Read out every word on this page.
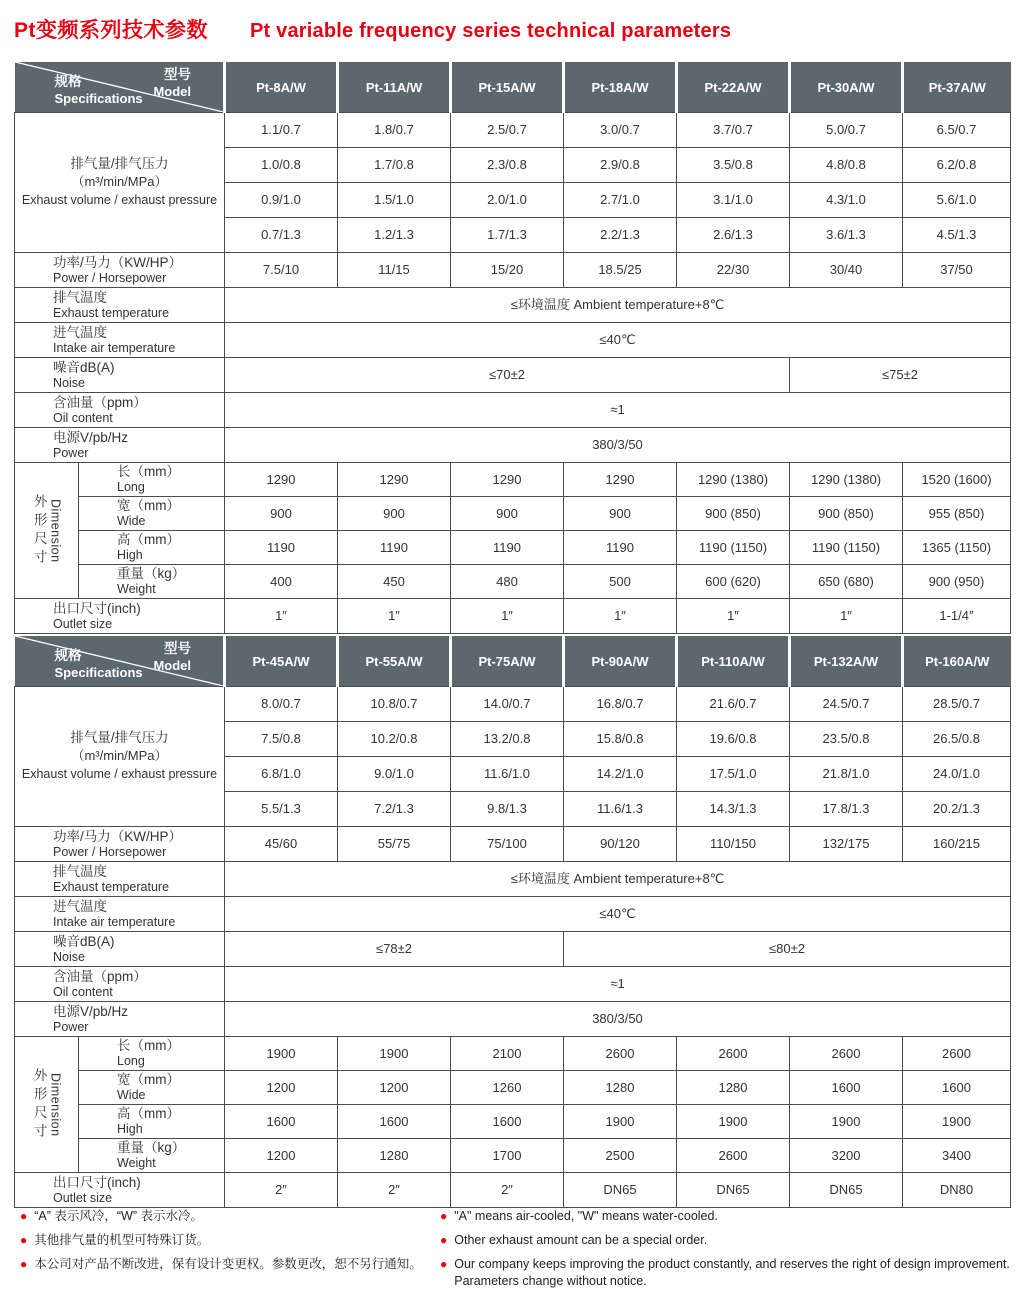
Pt变频系列技术参数 Pt variable frequency series technical parameters
型号
Model
规格
Specifications		Pt-8A/W	Pt-11A/W	Pt-15A/W	Pt-18A/W	Pt-22A/W	Pt-30A/W	Pt-37A/W

排气量/排气压力
（m³/min/MPa）
Exhaust volume / exhaust pressure		1.1/0.7	1.8/0.7	2.5/0.7	3.0/0.7	3.7/0.7	5.0/0.7	6.5/0.7
		1.0/0.8	1.7/0.8	2.3/0.8	2.9/0.8	3.5/0.8	4.8/0.8	6.2/0.8
		0.9/1.0	1.5/1.0	2.0/1.0	2.7/1.0	3.1/1.0	4.3/1.0	5.6/1.0
		0.7/1.3	1.2/1.3	1.7/1.3	2.2/1.3	2.6/1.3	3.6/1.3	4.5/1.3

功率/马力（KW/HP）
Power / Horsepower		7.5/10	11/15	15/20	18.5/25	22/30	30/40	37/50

排气温度
Exhaust temperature		≤环境温度 Ambient temperature+8℃						

进气温度
Intake air temperature		≤40℃						

噪音dB(A)
Noise		≤70±2					≤75±2	

含油量（ppm）
Oil content		≈1						

电源V/pb/Hz
Power		380/3/50						

外形尺寸 Dimension	长（mm）
Long	1290	1290	1290	1290	1290 (1380)	1290 (1380)	1520 (1600)

	宽（mm）
Wide	900	900	900	900	900 (850)	900 (850)	955 (850)

	高（mm）
High	1190	1190	1190	1190	1190 (1150)	1190 (1150)	1365 (1150)

	重量（kg）
Weight	400	450	480	500	600 (620)	650 (680)	900 (950)

出口尺寸(inch)
Outlet size		1″	1″	1″	1″	1″	1″	1-1/4″
型号
Model
规格
Specifications		Pt-45A/W	Pt-55A/W	Pt-75A/W	Pt-90A/W	Pt-110A/W	Pt-132A/W	Pt-160A/W

排气量/排气压力
（m³/min/MPa）
Exhaust volume / exhaust pressure		8.0/0.7	10.8/0.7	14.0/0.7	16.8/0.7	21.6/0.7	24.5/0.7	28.5/0.7
		7.5/0.8	10.2/0.8	13.2/0.8	15.8/0.8	19.6/0.8	23.5/0.8	26.5/0.8
		6.8/1.0	9.0/1.0	11.6/1.0	14.2/1.0	17.5/1.0	21.8/1.0	24.0/1.0
		5.5/1.3	7.2/1.3	9.8/1.3	11.6/1.3	14.3/1.3	17.8/1.3	20.2/1.3

功率/马力（KW/HP）
Power / Horsepower		45/60	55/75	75/100	90/120	110/150	132/175	160/215

排气温度
Exhaust temperature		≤环境温度 Ambient temperature+8℃						

进气温度
Intake air temperature		≤40℃						

噪音dB(A)
Noise		≤78±2			≤80±2			

含油量（ppm）
Oil content		≈1						

电源V/pb/Hz
Power		380/3/50						

外形尺寸 Dimension	长（mm）
Long	1900	1900	2100	2600	2600	2600	2600

	宽（mm）
Wide	1200	1200	1260	1280	1280	1600	1600

	高（mm）
High	1600	1600	1600	1900	1900	1900	1900

	重量（kg）
Weight	1200	1280	1700	2500	2600	3200	3400

出口尺寸(inch)
Outlet size		2″	2″	2″	DN65	DN65	DN65	DN80
● “A” 表示风冷，“W” 表示水冷。
● 其他排气量的机型可特殊订货。
● 本公司对产品不断改进，保有设计变更权。参数更改，恕不另行通知。
● "A" means air-cooled, "W" means water-cooled.
● Other exhaust amount can be a special order.
● Our company keeps improving the product constantly, and reserves the right of design improvement. Parameters change without notice.
